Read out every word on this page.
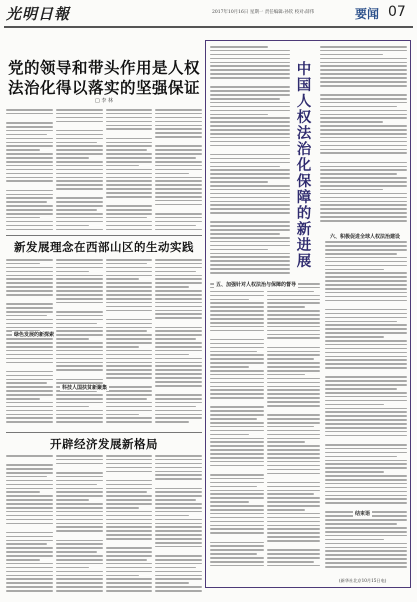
光明日報	2017年10月16日 星期一 责任编辑:孙钦 校对:薛伟	要闻 07
党的领导和带头作用是人权
法治化得以落实的坚强保证
□ 李 林
新发展理念在西部山区的生动实践
绿色发展的新探索
科技人国扶贫新聚集
开辟经济发展新格局
中
国
人
权
法
治
化
保
障
的
新
进
展
五、加强针对人权法治与保障的督导
六、积极促进全球人权法治建设
结束语
(新华社北京10月15日电)
